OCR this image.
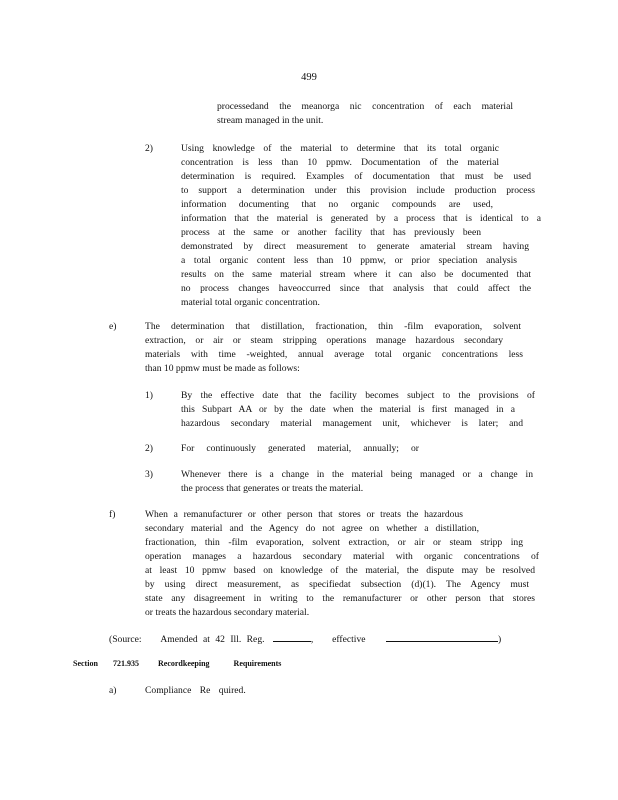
499
processedand the meanorga nic concentration of each material
stream managed in the unit.
2)	Using knowledge of the material to determine that its total organic
concentration is less than 10 ppmw. Documentation of the material
determination is required. Examples of documentation that must be used
to support a determination under this provision include production process
information documenting that no organic compounds are used,
information that the material is generated by a process that is identical to a
process at the same or another facility that has previously been
demonstrated by direct measurement to generate amaterial stream having
a total organic content less than 10 ppmw, or prior speciation analysis
results on the same material stream where it can also be documented that
no process changes haveoccurred since that analysis that could affect the
material total organic concentration.
e)	The determination that distillation, fractionation, thin -film evaporation, solvent
extraction, or air or steam stripping operations manage hazardous secondary
materials with time -weighted, annual average total organic concentrations less
than 10 ppmw must be made as follows:
1)	By the effective date that the facility becomes subject to the provisions of
this Subpart AA or by the date when the material is first managed in a
hazardous secondary material management unit, whichever is later; and
2)	For continuously generated material, annually; or
3)	Whenever there is a change in the material being managed or a change in
the process that generates or treats the material.
f)	When a remanufacturer or other person that stores or treats the hazardous
secondary material and the Agency do not agree on whether a distillation,
fractionation, thin -film evaporation, solvent extraction, or air or steam stripp ing
operation manages a hazardous secondary material with organic concentrations of
at least 10 ppmw based on knowledge of the material, the dispute may be resolved
by using direct measurement, as specifiedat subsection (d)(1). The Agency must
state any disagreement in writing to the remanufacturer or other person that stores
or treats the hazardous secondary material.
(Source: Amended at 42 Ill. Reg.	, effective	)
Section 721.935 Recordkeeping Requirements
a)	Compliance Re quired.
